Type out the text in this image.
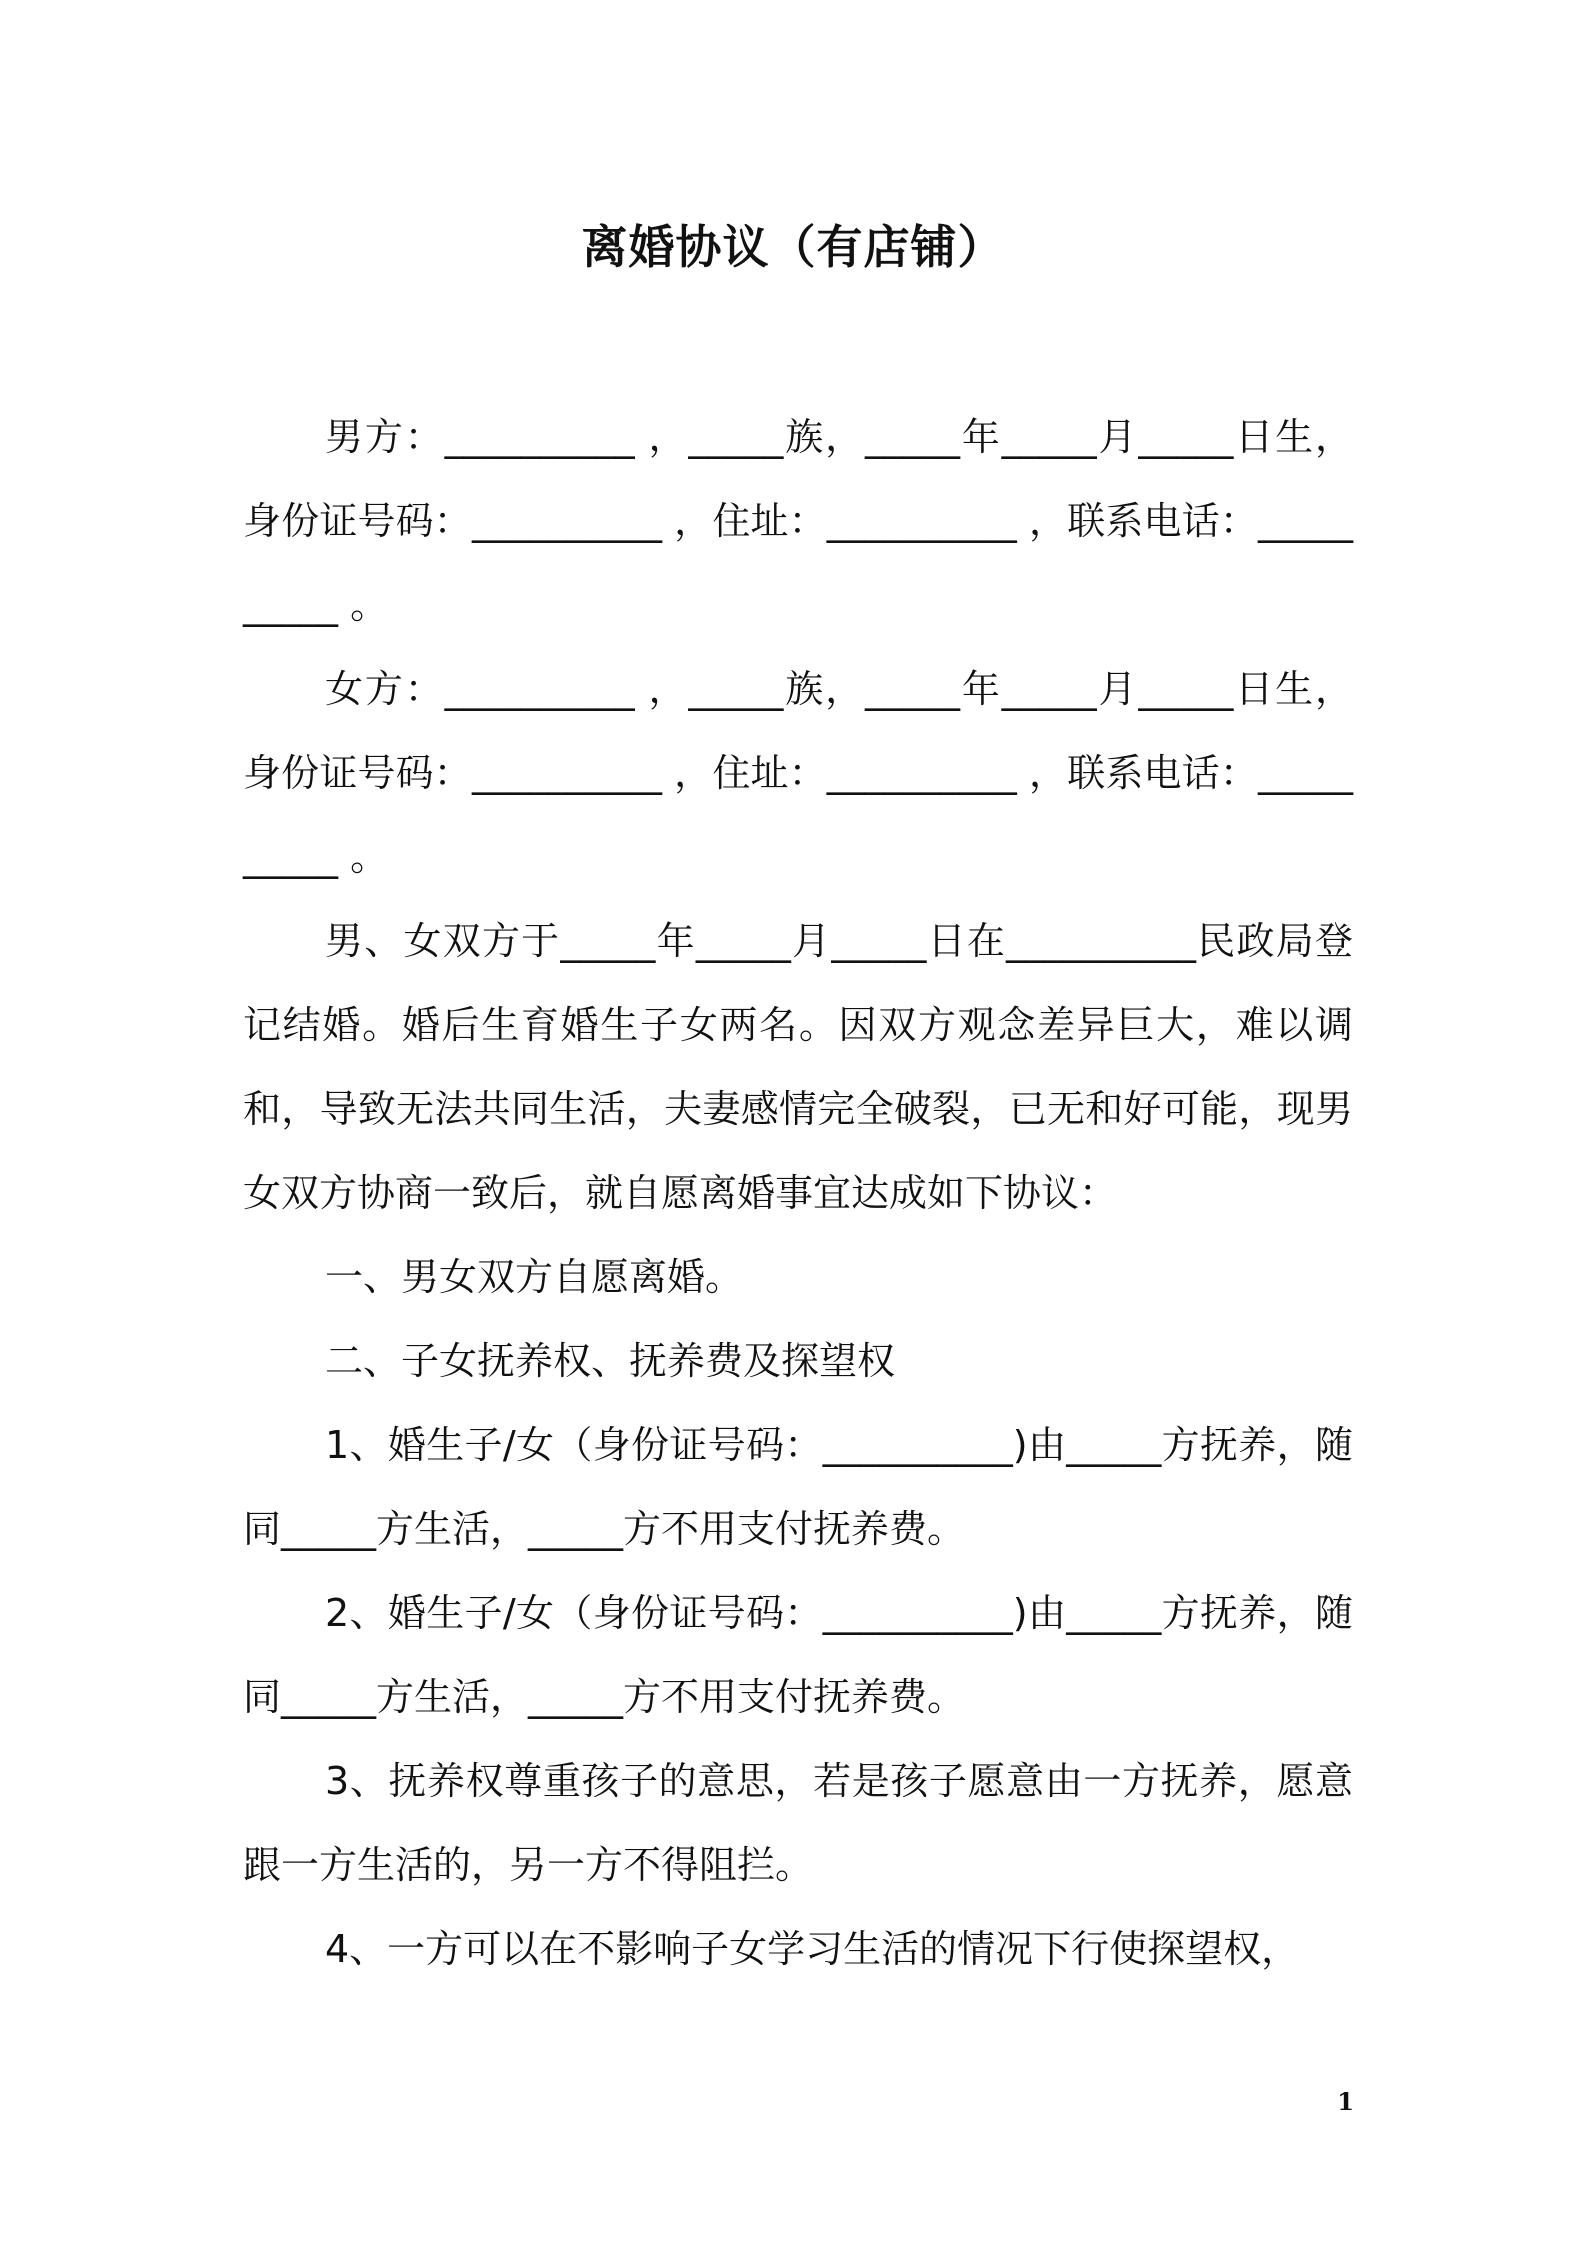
离婚协议（有店铺）

男方：__________ ，_____族，_____年_____月_____日生，身份证号码：__________ ，住址：__________ ，联系电话：__________ 。

女方：__________ ，_____族，_____年_____月_____日生，身份证号码：__________ ，住址：__________ ，联系电话：__________ 。

男、女双方于_____年_____月_____日在__________民政局登记结婚。婚后生育婚生子女两名。因双方观念差异巨大，难以调和，导致无法共同生活，夫妻感情完全破裂，已无和好可能，现男女双方协商一致后，就自愿离婚事宜达成如下协议：

一、男女双方自愿离婚。

二、子女抚养权、抚养费及探望权

1、婚生子/女（身份证号码：__________)由_____方抚养，随同_____方生活，_____方不用支付抚养费。

2、婚生子/女（身份证号码：__________)由_____方抚养，随同_____方生活，_____方不用支付抚养费。

3、抚养权尊重孩子的意思，若是孩子愿意由一方抚养，愿意跟一方生活的，另一方不得阻拦。

4、一方可以在不影响子女学习生活的情况下行使探望权，

1
